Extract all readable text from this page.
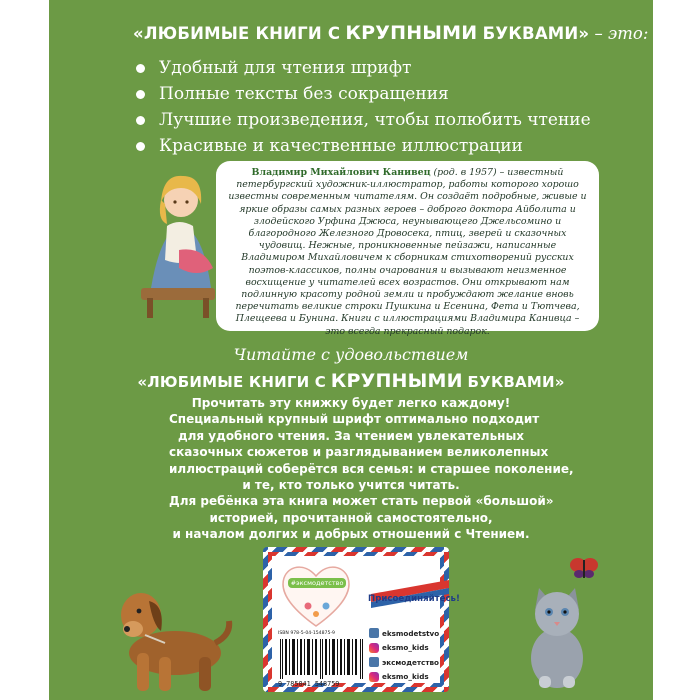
«ЛЮБИМЫЕ КНИГИ С КРУПНЫМИ БУКВАМИ» – это:
Удобный для чтения шрифт
Полные тексты без сокращения
Лучшие произведения, чтобы полюбить чтение
Красивые и качественные иллюстрации
Владимир Михайлович Канивец (род. в 1957) – известный петербургский художник-иллюстратор, работы которого хорошо известны современным читателям. Он создаёт подробные, живые и яркие образы самых разных героев – доброго доктора Айболита и злодейского Урфина Джюса, неунывающего Джельсомино и благородного Железного Дровосека, птиц, зверей и сказочных чудовищ. Нежные, проникновенные пейзажи, написанные Владимиром Михайловичем к сборникам стихотворений русских поэтов-классиков, полны очарования и вызывают неизменное восхищение у читателей всех возрастов. Они открывают нам подлинную красоту родной земли и пробуждают желание вновь перечитать великие строки Пушкина и Есенина, Фета и Тютчева, Плещеева и Бунина. Книги с иллюстрациями Владимира Канивца – это всегда прекрасный подарок.
Читайте с удовольствием
«ЛЮБИМЫЕ КНИГИ С КРУПНЫМИ БУКВАМИ»
Прочитать эту книжку будет легко каждому!
Специальный крупный шрифт оптимально подходит
для удобного чтения. За чтением увлекательных
сказочных сюжетов и разглядыванием великолепных
иллюстраций соберётся вся семья: и старшее поколение,
и те, кто только учится читать.
Для ребёнка эта книга может стать первой «большой»
историей, прочитанной самостоятельно,
и началом долгих и добрых отношений с Чтением.
#эксмодетство
ISBN 978-5-04-154875-9
9 785041 548759
Присоединяйтесь!
eksmodetstvo
eksmo_kids
эксмодетство
eksmo_kids
